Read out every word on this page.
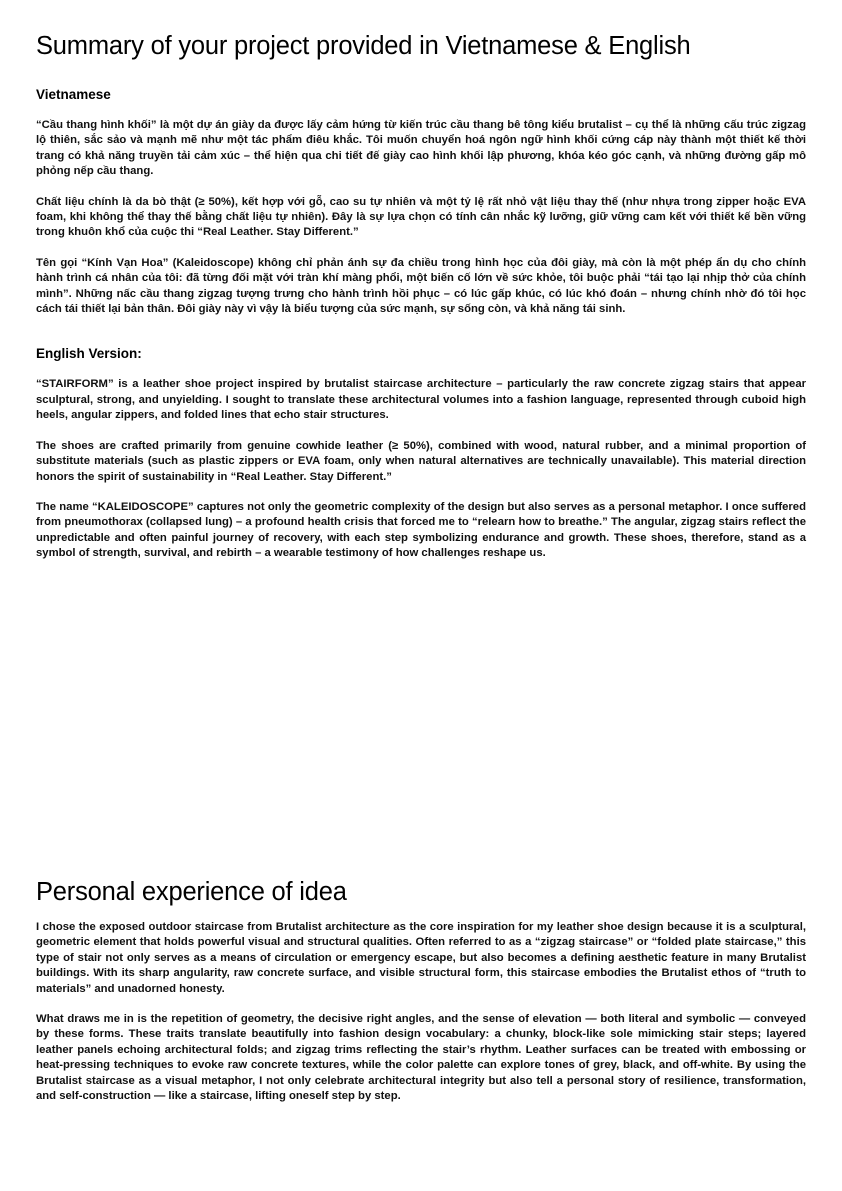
Summary of your project provided in Vietnamese & English
Vietnamese

“Cầu thang hình khối” là một dự án giày da được lấy cảm hứng từ kiến trúc cầu thang bê tông kiểu brutalist – cụ thể là những cấu trúc zigzag lộ thiên, sắc sảo và mạnh mẽ như một tác phẩm điêu khắc. Tôi muốn chuyển hoá ngôn ngữ hình khối cứng cáp này thành một thiết kế thời trang có khả năng truyền tải cảm xúc – thể hiện qua chi tiết đế giày cao hình khối lập phương, khóa kéo góc cạnh, và những đường gấp mô phỏng nếp cầu thang.

Chất liệu chính là da bò thật (≥ 50%), kết hợp với gỗ, cao su tự nhiên và một tỷ lệ rất nhỏ vật liệu thay thế (như nhựa trong zipper hoặc EVA foam, khi không thể thay thế bằng chất liệu tự nhiên). Đây là sự lựa chọn có tính cân nhắc kỹ lưỡng, giữ vững cam kết với thiết kế bền vững trong khuôn khổ của cuộc thi “Real Leather. Stay Different.”

Tên gọi “Kính Vạn Hoa” (Kaleidoscope) không chỉ phản ánh sự đa chiều trong hình học của đôi giày, mà còn là một phép ẩn dụ cho chính hành trình cá nhân của tôi: đã từng đối mặt với tràn khí màng phổi, một biến cố lớn về sức khỏe, tôi buộc phải “tái tạo lại nhịp thở của chính mình”. Những nấc cầu thang zigzag tượng trưng cho hành trình hồi phục – có lúc gấp khúc, có lúc khó đoán – nhưng chính nhờ đó tôi học cách tái thiết lại bản thân. Đôi giày này vì vậy là biểu tượng của sức mạnh, sự sống còn, và khả năng tái sinh.

English Version:

“STAIRFORM” is a leather shoe project inspired by brutalist staircase architecture – particularly the raw concrete zigzag stairs that appear sculptural, strong, and unyielding. I sought to translate these architectural volumes into a fashion language, represented through cuboid high heels, angular zippers, and folded lines that echo stair structures.

The shoes are crafted primarily from genuine cowhide leather (≥ 50%), combined with wood, natural rubber, and a minimal proportion of substitute materials (such as plastic zippers or EVA foam, only when natural alternatives are technically unavailable). This material direction honors the spirit of sustainability in “Real Leather. Stay Different.”

The name “KALEIDOSCOPE” captures not only the geometric complexity of the design but also serves as a personal metaphor. I once suffered from pneumothorax (collapsed lung) – a profound health crisis that forced me to “relearn how to breathe.” The angular, zigzag stairs reflect the unpredictable and often painful journey of recovery, with each step symbolizing endurance and growth. These shoes, therefore, stand as a symbol of strength, survival, and rebirth – a wearable testimony of how challenges reshape us.

Personal experience of idea

I chose the exposed outdoor staircase from Brutalist architecture as the core inspiration for my leather shoe design because it is a sculptural, geometric element that holds powerful visual and structural qualities. Often referred to as a “zigzag staircase” or “folded plate staircase,” this type of stair not only serves as a means of circulation or emergency escape, but also becomes a defining aesthetic feature in many Brutalist buildings. With its sharp angularity, raw concrete surface, and visible structural form, this staircase embodies the Brutalist ethos of “truth to materials” and unadorned honesty.

What draws me in is the repetition of geometry, the decisive right angles, and the sense of elevation — both literal and symbolic — conveyed by these forms. These traits translate beautifully into fashion design vocabulary: a chunky, block-like sole mimicking stair steps; layered leather panels echoing architectural folds; and zigzag trims reflecting the stair’s rhythm. Leather surfaces can be treated with embossing or heat-pressing techniques to evoke raw concrete textures, while the color palette can explore tones of grey, black, and off-white. By using the Brutalist staircase as a visual metaphor, I not only celebrate architectural integrity but also tell a personal story of resilience, transformation, and self-construction — like a staircase, lifting oneself step by step.
